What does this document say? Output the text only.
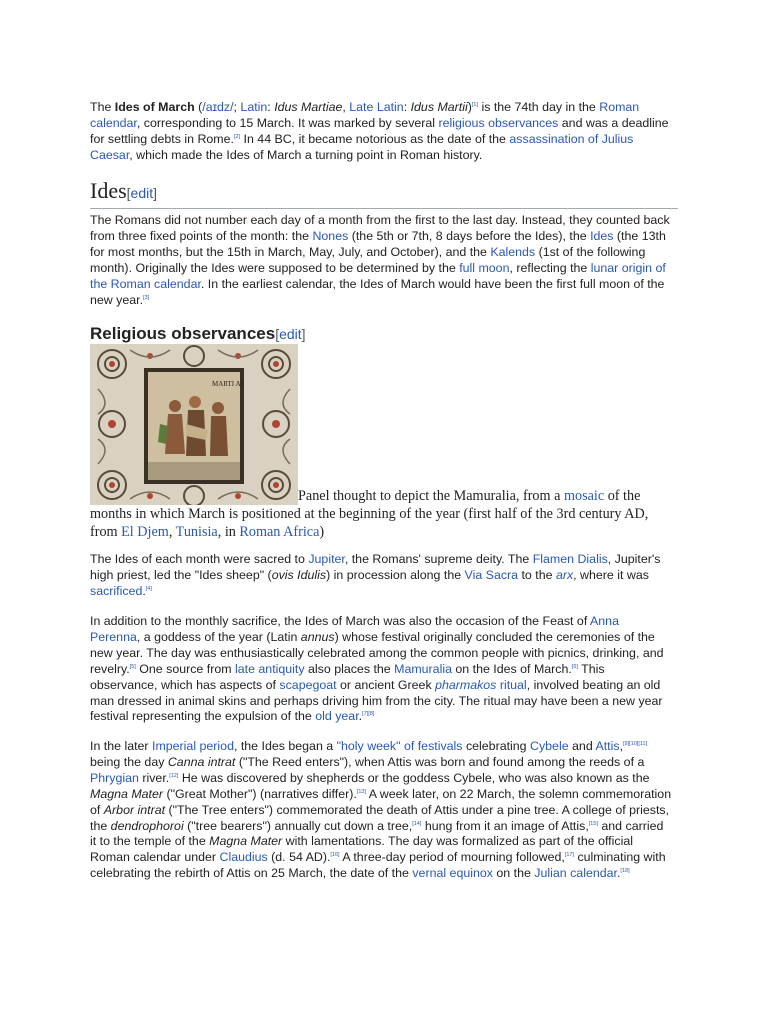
The Ides of March (/aɪdz/; Latin: Idus Martiae, Late Latin: Idus Martii)[1] is the 74th day in the Roman calendar, corresponding to 15 March. It was marked by several religious observances and was a deadline for settling debts in Rome.[2] In 44 BC, it became notorious as the date of the assassination of Julius Caesar, which made the Ides of March a turning point in Roman history.

Ides[edit]

The Romans did not number each day of a month from the first to the last day. Instead, they counted back from three fixed points of the month: the Nones (the 5th or 7th, 8 days before the Ides), the Ides (the 13th for most months, but the 15th in March, May, July, and October), and the Kalends (1st of the following month). Originally the Ides were supposed to be determined by the full moon, reflecting the lunar origin of the Roman calendar. In the earliest calendar, the Ides of March would have been the first full moon of the new year.[3]

Religious observances[edit]

MARTI AS
Panel thought to depict the Mamuralia, from a mosaic of the months in which March is positioned at the beginning of the year (first half of the 3rd century AD, from El Djem, Tunisia, in Roman Africa)

The Ides of each month were sacred to Jupiter, the Romans' supreme deity. The Flamen Dialis, Jupiter's high priest, led the "Ides sheep" (ovis Idulis) in procession along the Via Sacra to the arx, where it was sacrificed.[4]

In addition to the monthly sacrifice, the Ides of March was also the occasion of the Feast of Anna Perenna, a goddess of the year (Latin annus) whose festival originally concluded the ceremonies of the new year. The day was enthusiastically celebrated among the common people with picnics, drinking, and revelry.[5] One source from late antiquity also places the Mamuralia on the Ides of March.[6] This observance, which has aspects of scapegoat or ancient Greek pharmakos ritual, involved beating an old man dressed in animal skins and perhaps driving him from the city. The ritual may have been a new year festival representing the expulsion of the old year.[7][8]

In the later Imperial period, the Ides began a "holy week" of festivals celebrating Cybele and Attis,[9][10][11] being the day Canna intrat ("The Reed enters"), when Attis was born and found among the reeds of a Phrygian river.[12] He was discovered by shepherds or the goddess Cybele, who was also known as the Magna Mater ("Great Mother") (narratives differ).[13] A week later, on 22 March, the solemn commemoration of Arbor intrat ("The Tree enters") commemorated the death of Attis under a pine tree. A college of priests, the dendrophoroi ("tree bearers") annually cut down a tree,[14] hung from it an image of Attis,[15] and carried it to the temple of the Magna Mater with lamentations. The day was formalized as part of the official Roman calendar under Claudius (d. 54 AD).[16] A three-day period of mourning followed,[17] culminating with celebrating the rebirth of Attis on 25 March, the date of the vernal equinox on the Julian calendar.[18]
